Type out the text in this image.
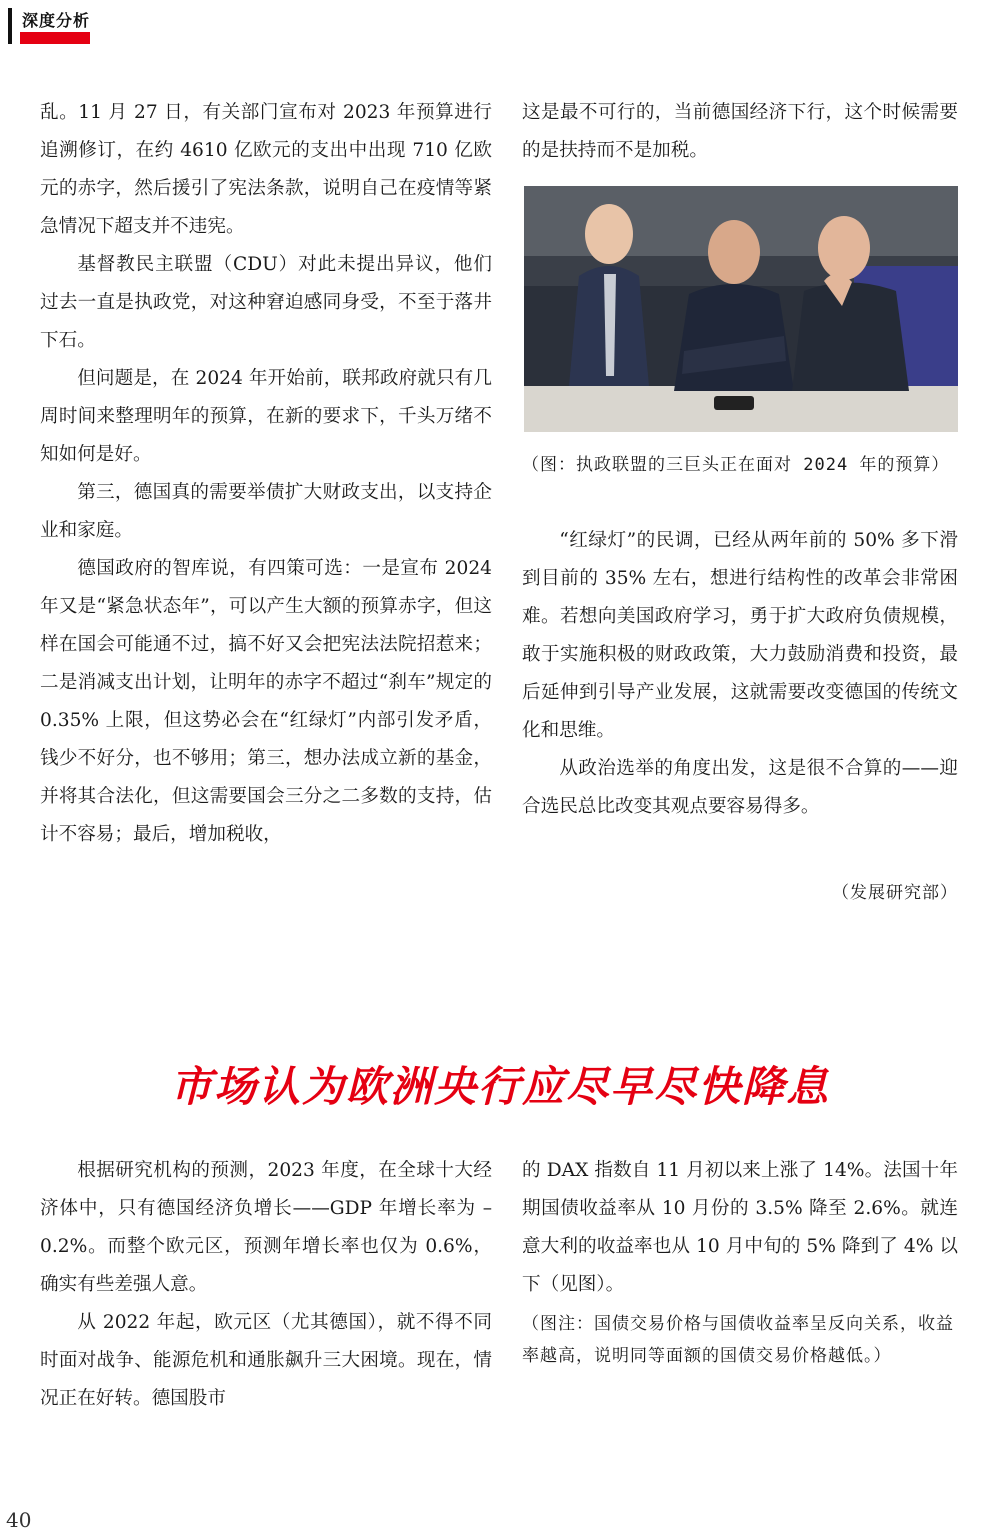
深度分析

乱。11 月 27 日，有关部门宣布对 2023 年预算进行追溯修订，在约 4610 亿欧元的支出中出现 710 亿欧元的赤字，然后援引了宪法条款，说明自己在疫情等紧急情况下超支并不违宪。

基督教民主联盟（CDU）对此未提出异议，他们过去一直是执政党，对这种窘迫感同身受，不至于落井下石。

但问题是，在 2024 年开始前，联邦政府就只有几周时间来整理明年的预算，在新的要求下，千头万绪不知如何是好。

第三，德国真的需要举债扩大财政支出，以支持企业和家庭。

德国政府的智库说，有四策可选：一是宣布 2024 年又是“紧急状态年”，可以产生大额的预算赤字，但这样在国会可能通不过，搞不好又会把宪法法院招惹来；二是消减支出计划，让明年的赤字不超过“刹车”规定的 0.35% 上限，但这势必会在“红绿灯”内部引发矛盾，钱少不好分，也不够用；第三，想办法成立新的基金，并将其合法化，但这需要国会三分之二多数的支持，估计不容易；最后，增加税收，

这是最不可行的，当前德国经济下行，这个时候需要的是扶持而不是加税。

（图：执政联盟的三巨头正在面对 2024 年的预算）

“红绿灯”的民调，已经从两年前的 50% 多下滑到目前的 35% 左右，想进行结构性的改革会非常困难。若想向美国政府学习，勇于扩大政府负债规模，敢于实施积极的财政政策，大力鼓励消费和投资，最后延伸到引导产业发展，这就需要改变德国的传统文化和思维。

从政治选举的角度出发，这是很不合算的——迎合选民总比改变其观点要容易得多。

（发展研究部）
市场认为欧洲央行应尽早尽快降息

根据研究机构的预测，2023 年度，在全球十大经济体中，只有德国经济负增长——GDP 年增长率为 –0.2%。而整个欧元区，预测年增长率也仅为 0.6%，确实有些差强人意。

从 2022 年起，欧元区（尤其德国），就不得不同时面对战争、能源危机和通胀飙升三大困境。现在，情况正在好转。德国股市

的 DAX 指数自 11 月初以来上涨了 14%。法国十年期国债收益率从 10 月份的 3.5% 降至 2.6%。就连意大利的收益率也从 10 月中旬的 5% 降到了 4% 以下（见图）。

（图注：国债交易价格与国债收益率呈反向关系，收益率越高，说明同等面额的国债交易价格越低。）
40
